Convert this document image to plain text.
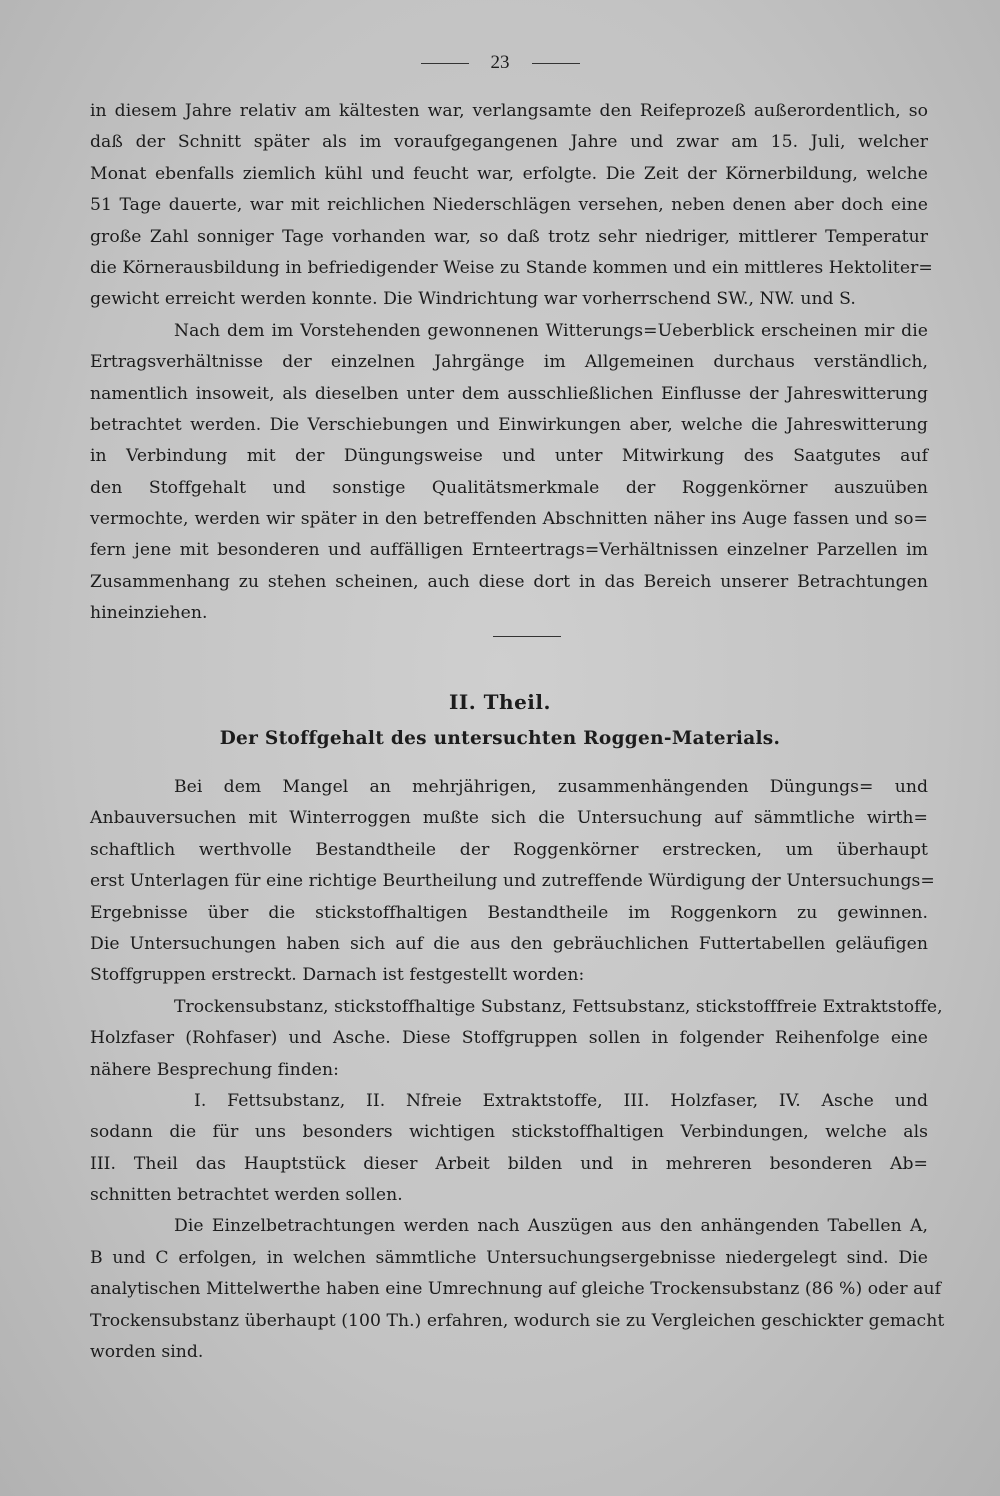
23
in diesem Jahre relativ am kältesten war, verlangsamte den Reifeprozeß außerordentlich, so
daß der Schnitt später als im voraufgegangenen Jahre und zwar am 15. Juli, welcher
Monat ebenfalls ziemlich kühl und feucht war, erfolgte. Die Zeit der Körnerbildung, welche
51 Tage dauerte, war mit reichlichen Niederschlägen versehen, neben denen aber doch eine
große Zahl sonniger Tage vorhanden war, so daß trotz sehr niedriger, mittlerer Temperatur
die Körnerausbildung in befriedigender Weise zu Stande kommen und ein mittleres Hektoliter=
gewicht erreicht werden konnte. Die Windrichtung war vorherrschend SW., NW. und S.
Nach dem im Vorstehenden gewonnenen Witterungs=Ueberblick erscheinen mir die
Ertragsverhältnisse der einzelnen Jahrgänge im Allgemeinen durchaus verständlich,
namentlich insoweit, als dieselben unter dem ausschließlichen Einflusse der Jahreswitterung
betrachtet werden. Die Verschiebungen und Einwirkungen aber, welche die Jahreswitterung
in Verbindung mit der Düngungsweise und unter Mitwirkung des Saatgutes auf
den Stoffgehalt und sonstige Qualitätsmerkmale der Roggenkörner auszuüben
vermochte, werden wir später in den betreffenden Abschnitten näher ins Auge fassen und so=
fern jene mit besonderen und auffälligen Ernteertrags=Verhältnissen einzelner Parzellen im
Zusammenhang zu stehen scheinen, auch diese dort in das Bereich unserer Betrachtungen
hineinziehen.
II. Theil.
Der Stoffgehalt des untersuchten Roggen-Materials.
Bei dem Mangel an mehrjährigen, zusammenhängenden Düngungs= und
Anbauversuchen mit Winterroggen mußte sich die Untersuchung auf sämmtliche wirth=
schaftlich werthvolle Bestandtheile der Roggenkörner erstrecken, um überhaupt
erst Unterlagen für eine richtige Beurtheilung und zutreffende Würdigung der Untersuchungs=
Ergebnisse über die stickstoffhaltigen Bestandtheile im Roggenkorn zu gewinnen.
Die Untersuchungen haben sich auf die aus den gebräuchlichen Futtertabellen geläufigen
Stoffgruppen erstreckt. Darnach ist festgestellt worden:
Trockensubstanz, stickstoffhaltige Substanz, Fettsubstanz, stickstofffreie Extraktstoffe,
Holzfaser (Rohfaser) und Asche. Diese Stoffgruppen sollen in folgender Reihenfolge eine
nähere Besprechung finden:
I. Fettsubstanz, II. Nfreie Extraktstoffe, III. Holzfaser, IV. Asche und
sodann die für uns besonders wichtigen stickstoffhaltigen Verbindungen, welche als
III. Theil das Hauptstück dieser Arbeit bilden und in mehreren besonderen Ab=
schnitten betrachtet werden sollen.
Die Einzelbetrachtungen werden nach Auszügen aus den anhängenden Tabellen A,
B und C erfolgen, in welchen sämmtliche Untersuchungsergebnisse niedergelegt sind. Die
analytischen Mittelwerthe haben eine Umrechnung auf gleiche Trockensubstanz (86 %) oder auf
Trockensubstanz überhaupt (100 Th.) erfahren, wodurch sie zu Vergleichen geschickter gemacht
worden sind.
